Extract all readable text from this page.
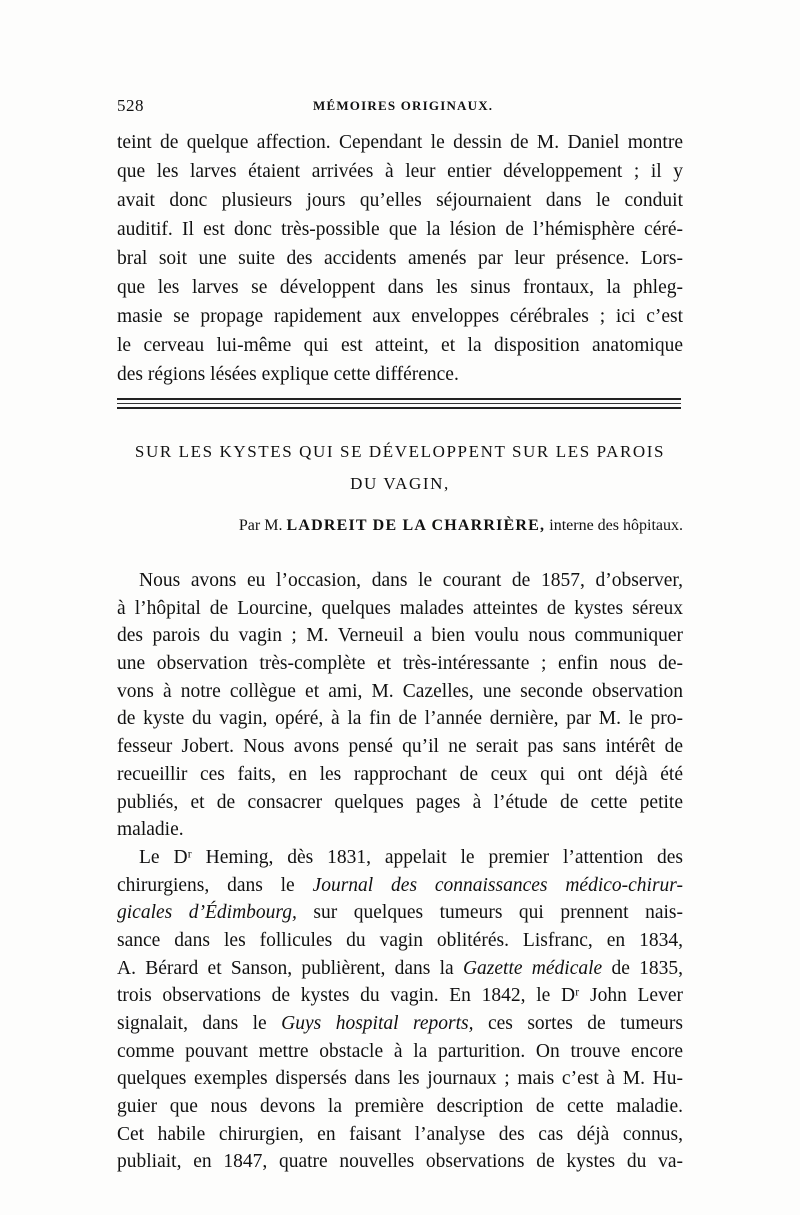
528	MÉMOIRES ORIGINAUX.
teint de quelque affection. Cependant le dessin de M. Daniel montre
que les larves étaient arrivées à leur entier développement ; il y
avait donc plusieurs jours qu’elles séjournaient dans le conduit
auditif. Il est donc très-possible que la lésion de l’hémisphère céré-
bral soit une suite des accidents amenés par leur présence. Lors-
que les larves se développent dans les sinus frontaux, la phleg-
masie se propage rapidement aux enveloppes cérébrales ; ici c’est
le cerveau lui-même qui est atteint, et la disposition anatomique
des régions lésées explique cette différence.
SUR LES KYSTES QUI SE DÉVELOPPENT SUR LES PAROIS
DU VAGIN,
Par M. LADREIT DE LA CHARRIÈRE, interne des hôpitaux.
Nous avons eu l’occasion, dans le courant de 1857, d’observer,
à l’hôpital de Lourcine, quelques malades atteintes de kystes séreux
des parois du vagin ; M. Verneuil a bien voulu nous communiquer
une observation très-complète et très-intéressante ; enfin nous de-
vons à notre collègue et ami, M. Cazelles, une seconde observation
de kyste du vagin, opéré, à la fin de l’année dernière, par M. le pro-
fesseur Jobert. Nous avons pensé qu’il ne serait pas sans intérêt de
recueillir ces faits, en les rapprochant de ceux qui ont déjà été
publiés, et de consacrer quelques pages à l’étude de cette petite
maladie.
Le Dʳ Heming, dès 1831, appelait le premier l’attention des
chirurgiens, dans le Journal des connaissances médico-chirur-
gicales d’Édimbourg, sur quelques tumeurs qui prennent nais-
sance dans les follicules du vagin oblitérés. Lisfranc, en 1834,
A. Bérard et Sanson, publièrent, dans la Gazette médicale de 1835,
trois observations de kystes du vagin. En 1842, le Dʳ John Lever
signalait, dans le Guys hospital reports, ces sortes de tumeurs
comme pouvant mettre obstacle à la parturition. On trouve encore
quelques exemples dispersés dans les journaux ; mais c’est à M. Hu-
guier que nous devons la première description de cette maladie.
Cet habile chirurgien, en faisant l’analyse des cas déjà connus,
publiait, en 1847, quatre nouvelles observations de kystes du va-
